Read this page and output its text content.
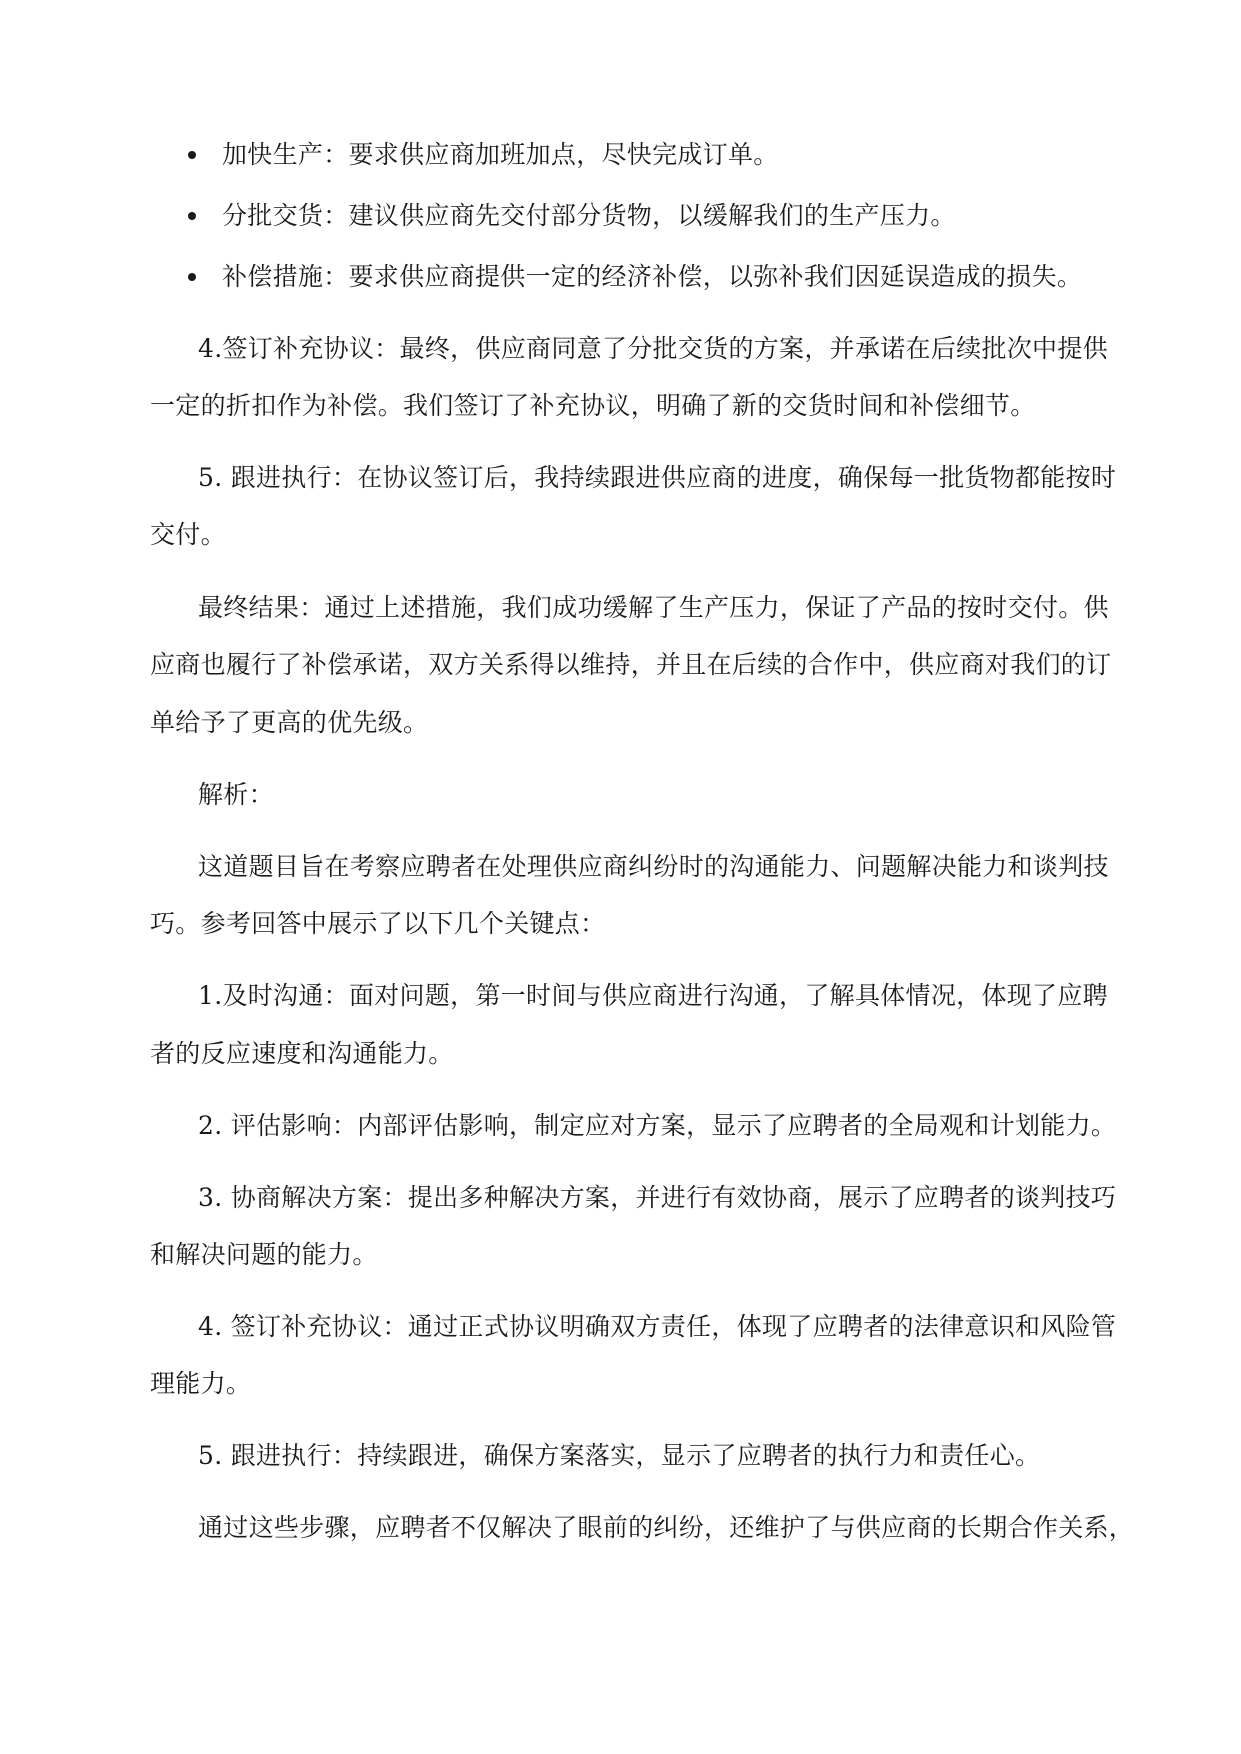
加快生产：要求供应商加班加点，尽快完成订单。
分批交货：建议供应商先交付部分货物，以缓解我们的生产压力。
补偿措施：要求供应商提供一定的经济补偿，以弥补我们因延误造成的损失。
4.签订补充协议：最终，供应商同意了分批交货的方案，并承诺在后续批次中提供
一定的折扣作为补偿。我们签订了补充协议，明确了新的交货时间和补偿细节。
5. 跟进执行：在协议签订后，我持续跟进供应商的进度，确保每一批货物都能按时
交付。
最终结果：通过上述措施，我们成功缓解了生产压力，保证了产品的按时交付。供
应商也履行了补偿承诺，双方关系得以维持，并且在后续的合作中，供应商对我们的订
单给予了更高的优先级。
解析：
这道题目旨在考察应聘者在处理供应商纠纷时的沟通能力、问题解决能力和谈判技
巧。参考回答中展示了以下几个关键点：
1.及时沟通：面对问题，第一时间与供应商进行沟通，了解具体情况，体现了应聘
者的反应速度和沟通能力。
2. 评估影响：内部评估影响，制定应对方案，显示了应聘者的全局观和计划能力。
3. 协商解决方案：提出多种解决方案，并进行有效协商，展示了应聘者的谈判技巧
和解决问题的能力。
4. 签订补充协议：通过正式协议明确双方责任，体现了应聘者的法律意识和风险管
理能力。
5. 跟进执行：持续跟进，确保方案落实，显示了应聘者的执行力和责任心。
通过这些步骤，应聘者不仅解决了眼前的纠纷，还维护了与供应商的长期合作关系，
